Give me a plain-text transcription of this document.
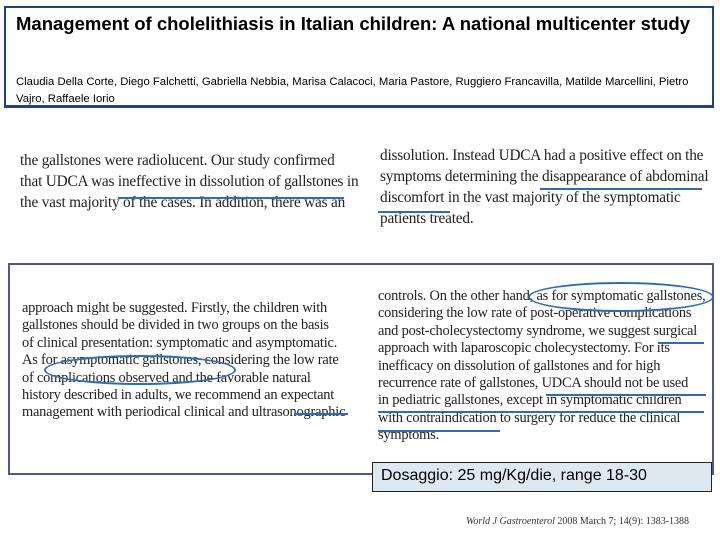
Management of cholelithiasis in Italian children: A national multicenter study
Claudia Della Corte, Diego Falchetti, Gabriella Nebbia, Marisa Calacoci, Maria Pastore, Ruggiero Francavilla, Matilde Marcellini, Pietro Vajro, Raffaele Iorio
the gallstones were radiolucent. Our study confirmed
that UDCA was ineffective in dissolution of gallstones in
the vast majority of the cases. In addition, there was an
dissolution. Instead UDCA had a positive effect on the
symptoms determining the disappearance of abdominal
discomfort in the vast majority of the symptomatic
patients treated.
approach might be suggested. Firstly, the children with
gallstones should be divided in two groups on the basis
of clinical presentation: symptomatic and asymptomatic.
As for asymptomatic gallstones, considering the low rate
of complications observed and the favorable natural
history described in adults, we recommend an expectant
management with periodical clinical and ultrasonographic
controls. On the other hand, as for symptomatic gallstones,
considering the low rate of post-operative complications
and post-cholecystectomy syndrome, we suggest surgical
approach with laparoscopic cholecystectomy. For its
inefficacy on dissolution of gallstones and for high
recurrence rate of gallstones, UDCA should not be used
in pediatric gallstones, except in symptomatic children
with contraindication to surgery for reduce the clinical
symptoms.
Dosaggio: 25 mg/Kg/die, range 18-30
World J Gastroenterol 2008 March 7; 14(9): 1383-1388
